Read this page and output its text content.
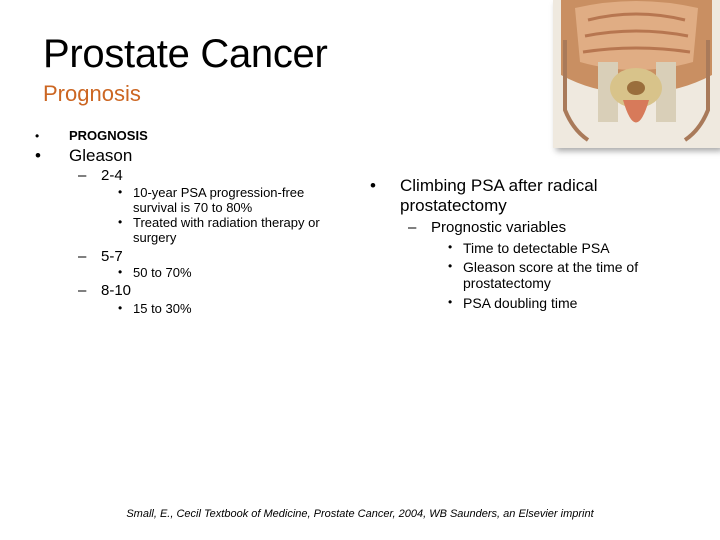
Prostate Cancer
Prognosis
• PROGNOSIS
• Gleason
– 2-4
• 10-year PSA progression-free survival is 70 to 80%
• Treated with radiation therapy or surgery
– 5-7
• 50 to 70%
– 8-10
• 15 to 30%
• Climbing PSA after radical prostatectomy
– Prognostic variables
• Time to detectable PSA
• Gleason score at the time of prostatectomy
• PSA doubling time
Small, E., Cecil Textbook of Medicine, Prostate Cancer, 2004, WB Saunders, an Elsevier imprint
